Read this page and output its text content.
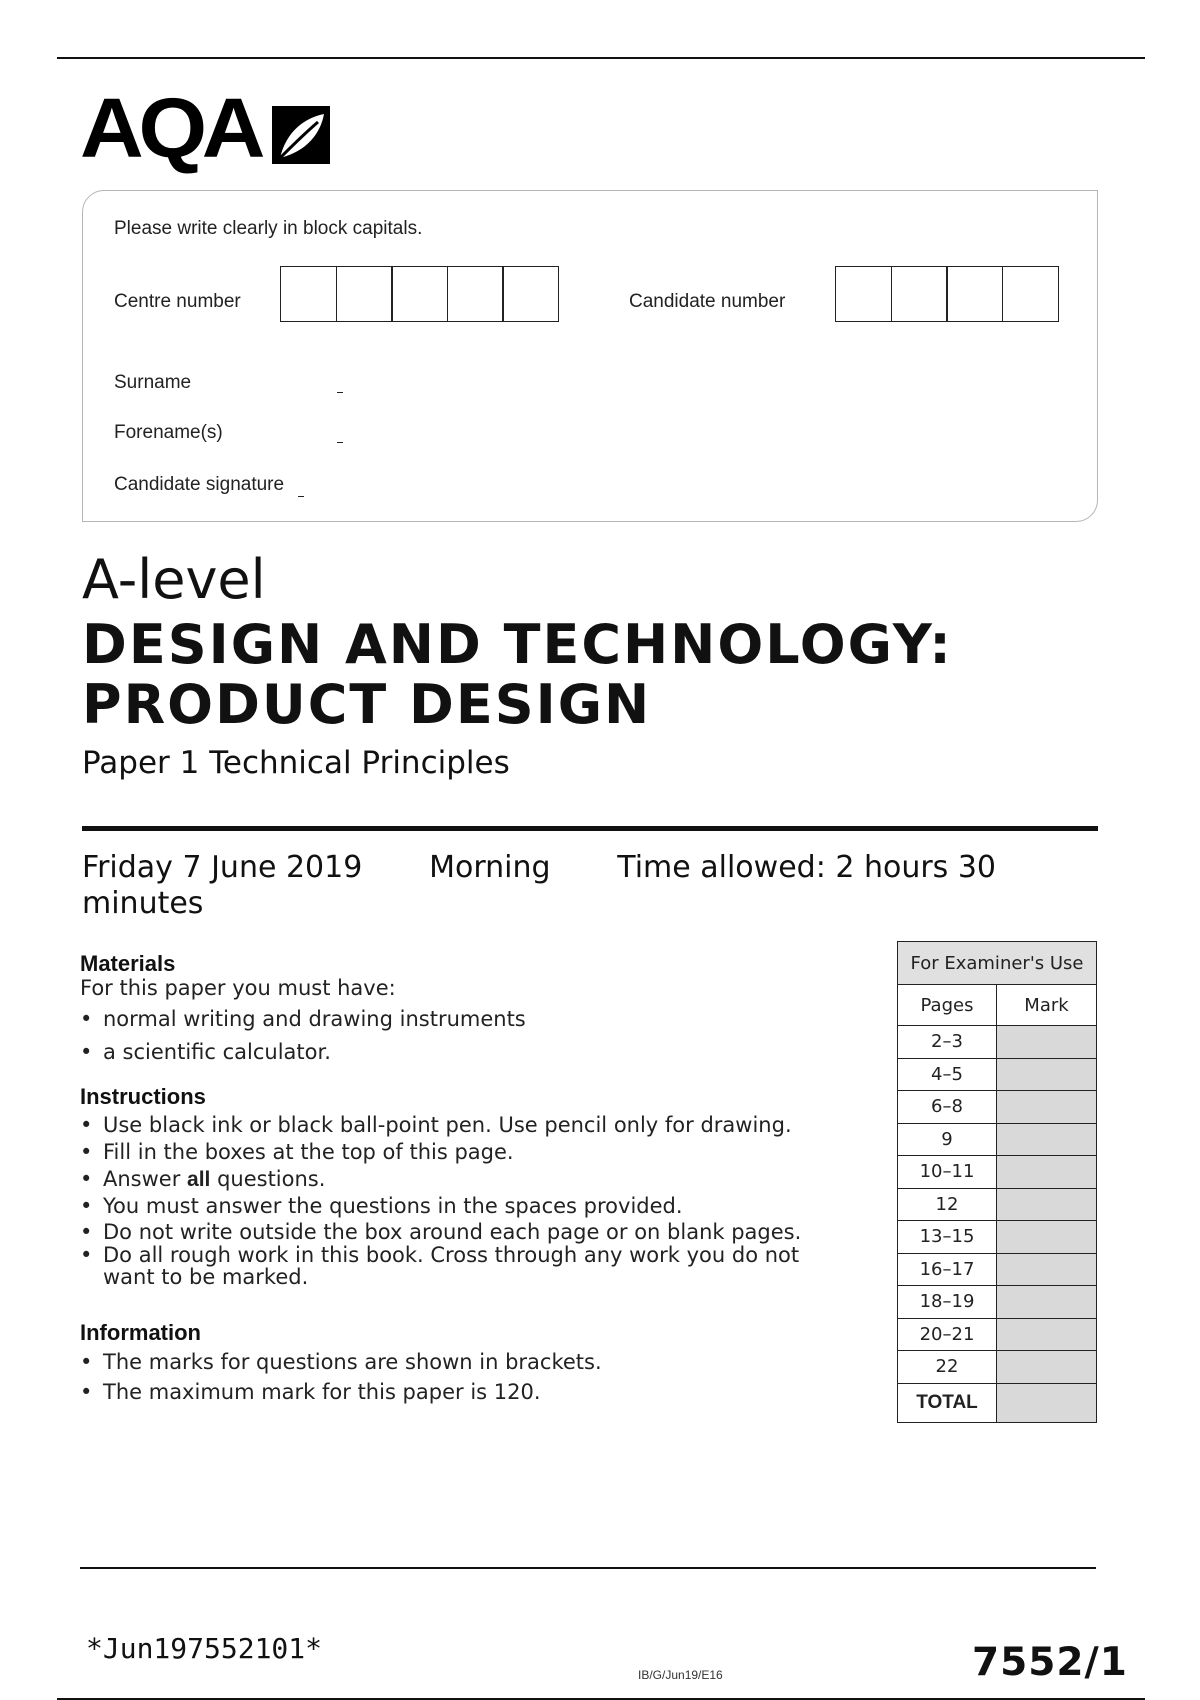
AQA
Please write clearly in block capitals.
Centre number	Candidate number
Surname
Forename(s)
Candidate signature
A-level
DESIGN AND TECHNOLOGY:
PRODUCT DESIGN
Paper 1 Technical Principles
Friday 7 June 2019 Morning Time allowed: 2 hours 30
minutes
Materials
For this paper you must have:
• normal writing and drawing instruments
• a scientific calculator.
Instructions
• Use black ink or black ball-point pen. Use pencil only for drawing.
• Fill in the boxes at the top of this page.
• Answer all questions.
• You must answer the questions in the spaces provided.
• Do not write outside the box around each page or on blank pages.
• Do all rough work in this book. Cross through any work you do not
want to be marked.
Information
• The marks for questions are shown in brackets.
• The maximum mark for this paper is 120.
For Examiner's Use	
Pages	Mark
2–3	
4–5	
6–8	
9	
10–11	
12	
13–15	
16–17	
18–19	
20–21	
22	
TOTAL	
*Jun197552101*
IB/G/Jun19/E16	7552/1
